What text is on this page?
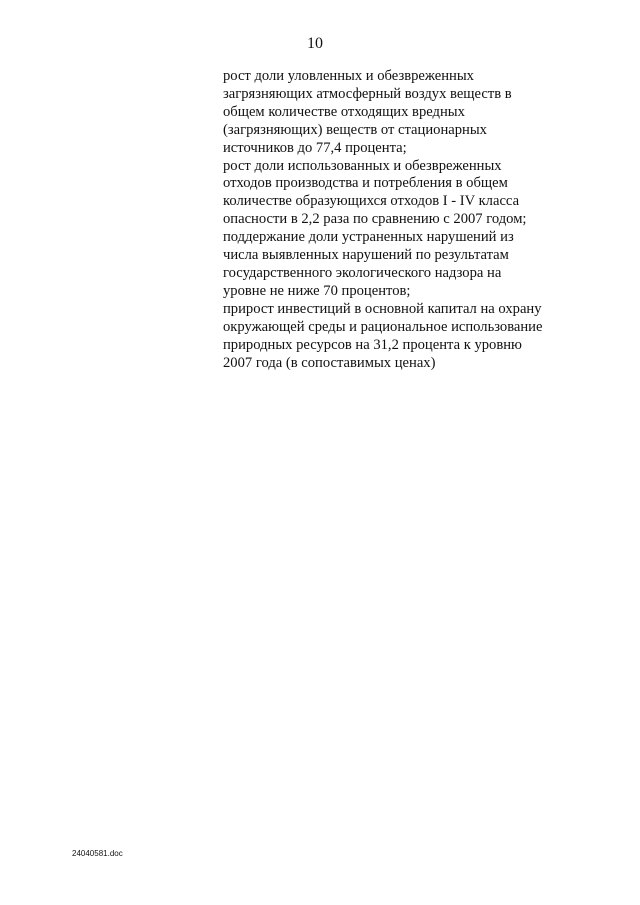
10
рост доли уловленных и обезвреженных
загрязняющих атмосферный воздух веществ в
общем количестве отходящих вредных
(загрязняющих) веществ от стационарных
источников до 77,4 процента;
рост доли использованных и обезвреженных
отходов производства и потребления в общем
количестве образующихся отходов I - IV класса
опасности в 2,2 раза по сравнению с 2007 годом;
поддержание доли устраненных нарушений из
числа выявленных нарушений по результатам
государственного экологического надзора на
уровне не ниже 70 процентов;
прирост инвестиций в основной капитал на охрану
окружающей среды и рациональное использование
природных ресурсов на 31,2 процента к уровню
2007 года (в сопоставимых ценах)
24040581.doc
